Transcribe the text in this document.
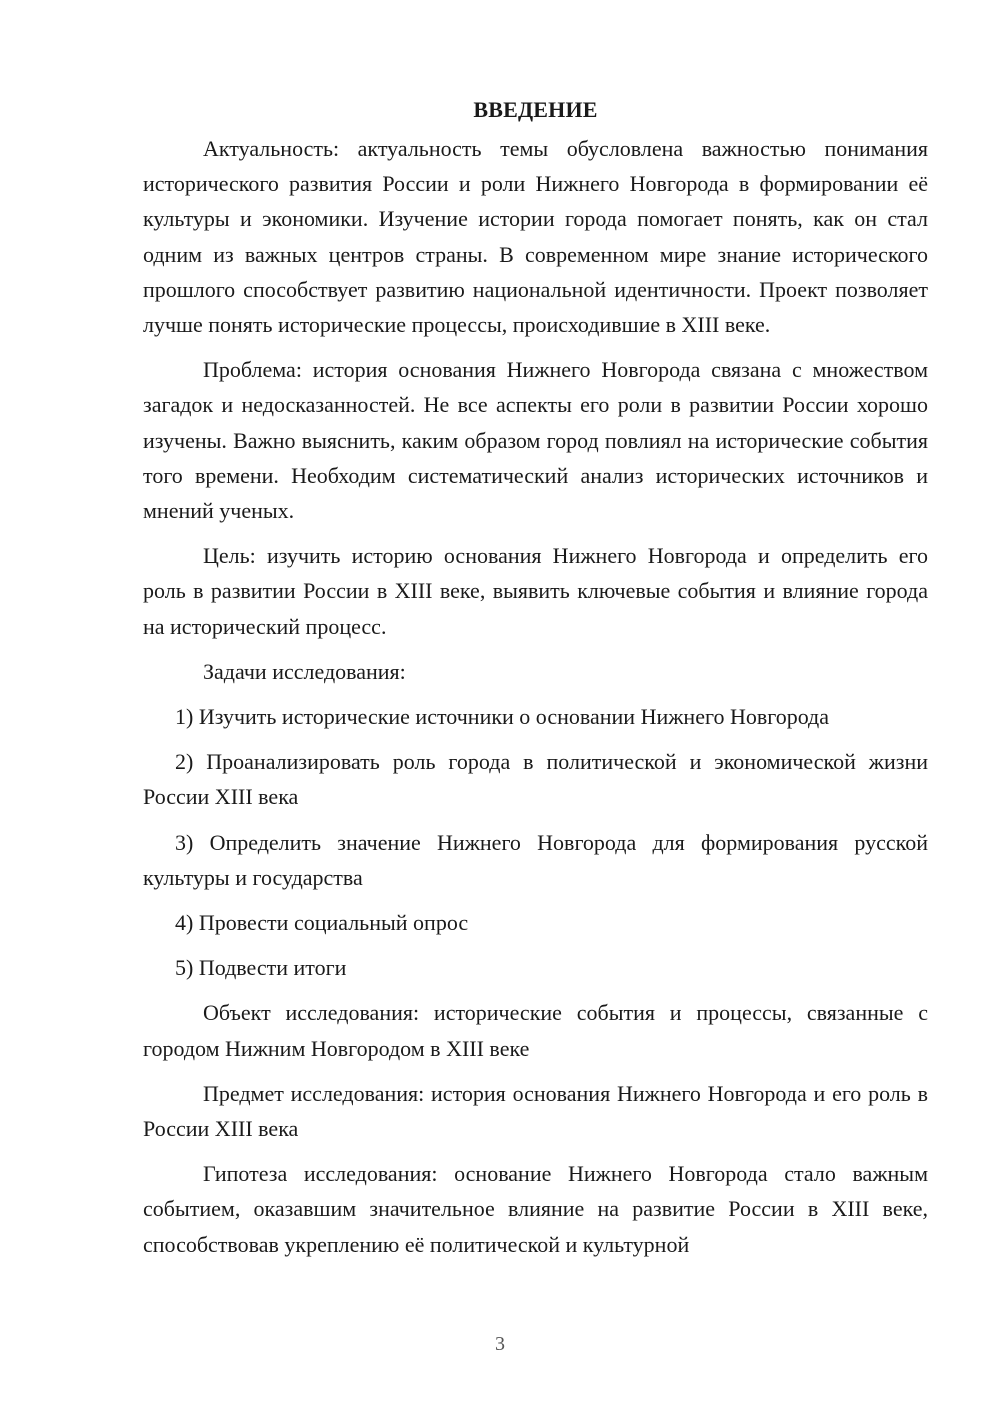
ВВЕДЕНИЕ

Актуальность: актуальность темы обусловлена важностью понимания исторического развития России и роли Нижнего Новгорода в формировании её культуры и экономики. Изучение истории города помогает понять, как он стал одним из важных центров страны. В современном мире знание исторического прошлого способствует развитию национальной идентичности. Проект позволяет лучше понять исторические процессы, происходившие в XIII веке.

Проблема: история основания Нижнего Новгорода связана с множеством загадок и недосказанностей. Не все аспекты его роли в развитии России хорошо изучены. Важно выяснить, каким образом город повлиял на исторические события того времени. Необходим систематический анализ исторических источников и мнений ученых.

Цель: изучить историю основания Нижнего Новгорода и определить его роль в развитии России в XIII веке, выявить ключевые события и влияние города на исторический процесс.

Задачи исследования:

1) Изучить исторические источники о основании Нижнего Новгорода

2) Проанализировать роль города в политической и экономической жизни России XIII века

3) Определить значение Нижнего Новгорода для формирования русской культуры и государства

4) Провести социальный опрос

5) Подвести итоги

Объект исследования: исторические события и процессы, связанные с городом Нижним Новгородом в XIII веке

Предмет исследования: история основания Нижнего Новгорода и его роль в России XIII века

Гипотеза исследования: основание Нижнего Новгорода стало важным событием, оказавшим значительное влияние на развитие России в XIII веке, способствовав укреплению её политической и культурной

3
